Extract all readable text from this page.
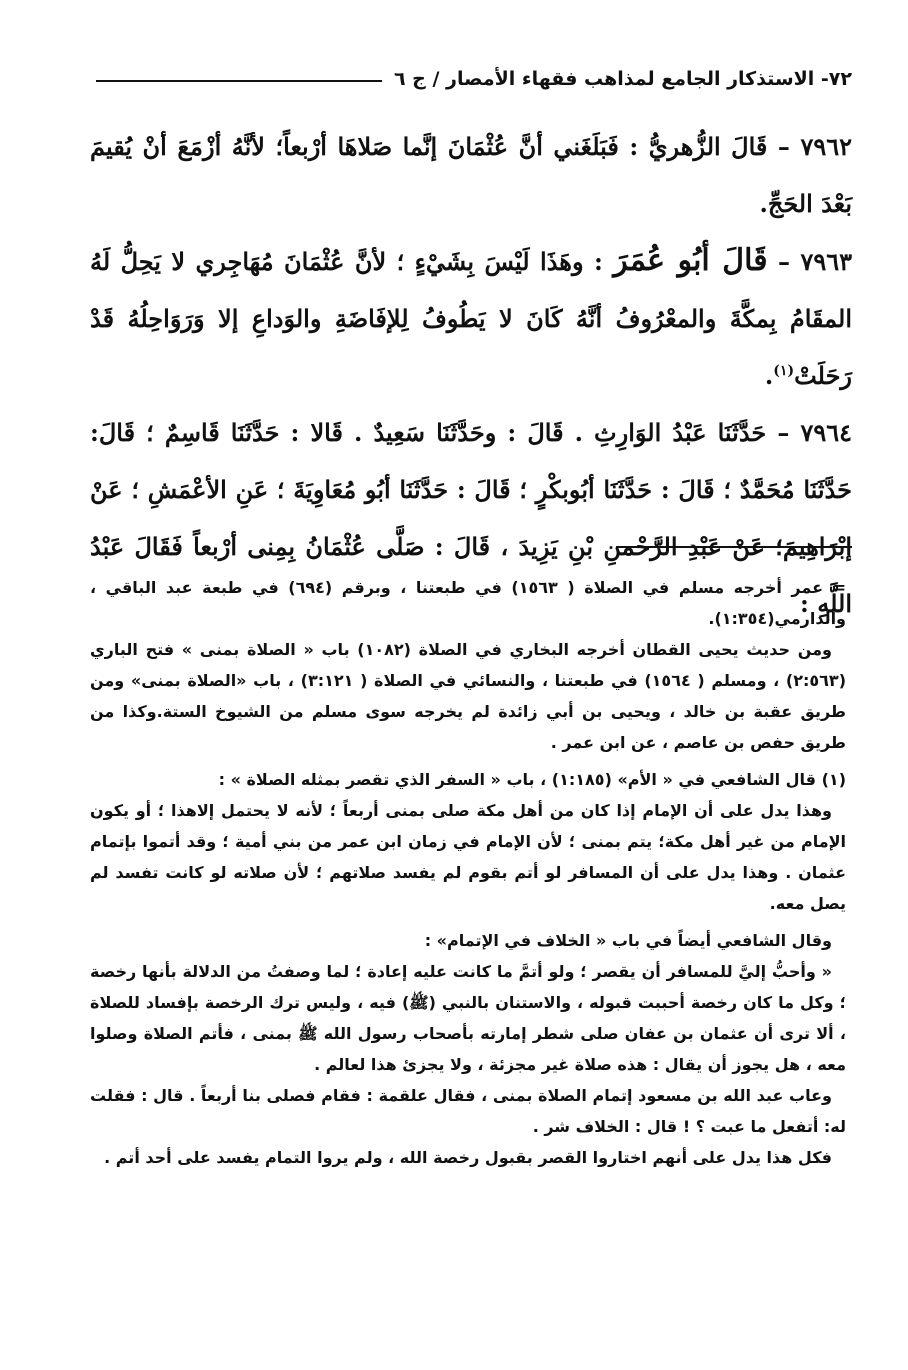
٧٢- الاستذكار الجامع لمذاهب فقهاء الأمصار / ج ٦

٧٩٦٢ – قَالَ الزُّهريُّ : فَبَلَغَني أنَّ عُثْمَانَ إنَّما صَلاهَا أرْبعاً؛ لأنَّهُ أزْمَعَ أنْ يُقيمَ بَعْدَ الحَجِّ.

٧٩٦٣ – قَالَ أبُو عُمَرَ : وهَذَا لَيْسَ بِشَيْءٍ ؛ لأنَّ عُثْمَانَ مُهَاجِري لا يَحِلُّ لَهُ المقَامُ بِمكَّةَ والمعْرُوفُ أنَّهُ كَانَ لا يَطُوفُ لِلإفَاضَةِ والوَداعِ إلا وَرَوَاحِلُهُ قَدْ رَحَلَتْ$^{(١)}$.

٧٩٦٤ – حَدَّثَنَا عَبْدُ الوَارِثِ . قَالَ : وحَدَّثَنَا سَعِيدٌ . قَالا : حَدَّثَنَا قَاسِمٌ ؛ قَالَ: حَدَّثَنَا مُحَمَّدٌ ؛ قَالَ : حَدَّثَنَا أبُوبكْرٍ ؛ قَالَ : حَدَّثَنَا أبُو مُعَاوِيَةَ ؛ عَنِ الأعْمَشِ ؛ عَنْ إبْرَاهِيمَ؛ عَنْ عَبْدِ الرَّحْمنِ بْنِ يَزِيدَ ، قَالَ : صَلَّى عُثْمَانُ بِمِنى أرْبعاً فَقَالَ عَبْدُ اللَّهِ :

= عمر أخرجه مسلم في الصلاة ( ١٥٦٣) في طبعتنا ، وبرقم (٦٩٤) في طبعة عبد الباقي ، والدارمي(١:٣٥٤).

ومن حديث يحيى القطان أخرجه البخاري في الصلاة (١٠٨٢) باب « الصلاة بمنى » فتح الباري (٢:٥٦٣) ، ومسلم ( ١٥٦٤) في طبعتنا ، والنسائي في الصلاة ( ٣:١٢١) ، باب «الصلاة بمنى» ومن طريق عقبة بن خالد ، ويحيى بن أبي زائدة لم يخرجه سوى مسلم من الشيوخ الستة.وكذا من طريق حفص بن عاصم ، عن ابن عمر .

(١) قال الشافعي في « الأم» (١:١٨٥) ، باب « السفر الذي تقصر بمثله الصلاة » :

وهذا يدل على أن الإمام إذا كان من أهل مكة صلى بمنى أربعاً ؛ لأنه لا يحتمل إلاهذا ؛ أو يكون الإمام من غير أهل مكة؛ يتم بمنى ؛ لأن الإمام في زمان ابن عمر من بني أمية ؛ وقد أتموا بإتمام عثمان . وهذا يدل على أن المسافر لو أتم بقوم لم يفسد صلاتهم ؛ لأن صلاته لو كانت تفسد لم يصل معه.

وقال الشافعي أيضاً في باب « الخلاف في الإتمام» :

« وأحبُّ إليَّ للمسافر أن يقصر ؛ ولو أتمَّ ما كانت عليه إعادة ؛ لما وصفتُ من الدلالة بأنها رخصة ؛ وكل ما كان رخصة أحببت قبوله ، والاستنان بالنبي (ﷺ) فيه ، وليس ترك الرخصة بإفساد للصلاة ، ألا ترى أن عثمان بن عفان صلى شطر إمارته بأصحاب رسول الله ﷺ بمنى ، فأتم الصلاة وصلوا معه ، هل يجوز أن يقال : هذه صلاة غير مجزئة ، ولا يجزئ هذا لعالم .

وعاب عبد الله بن مسعود إتمام الصلاة بمنى ، فقال علقمة : فقام فصلى بنا أربعاً . قال : فقلت له: أتفعل ما عبت ؟ ! قال : الخلاف شر .

فكل هذا يدل على أنهم اختاروا القصر بقبول رخصة الله ، ولم يروا التمام يفسد على أحد أتم .
